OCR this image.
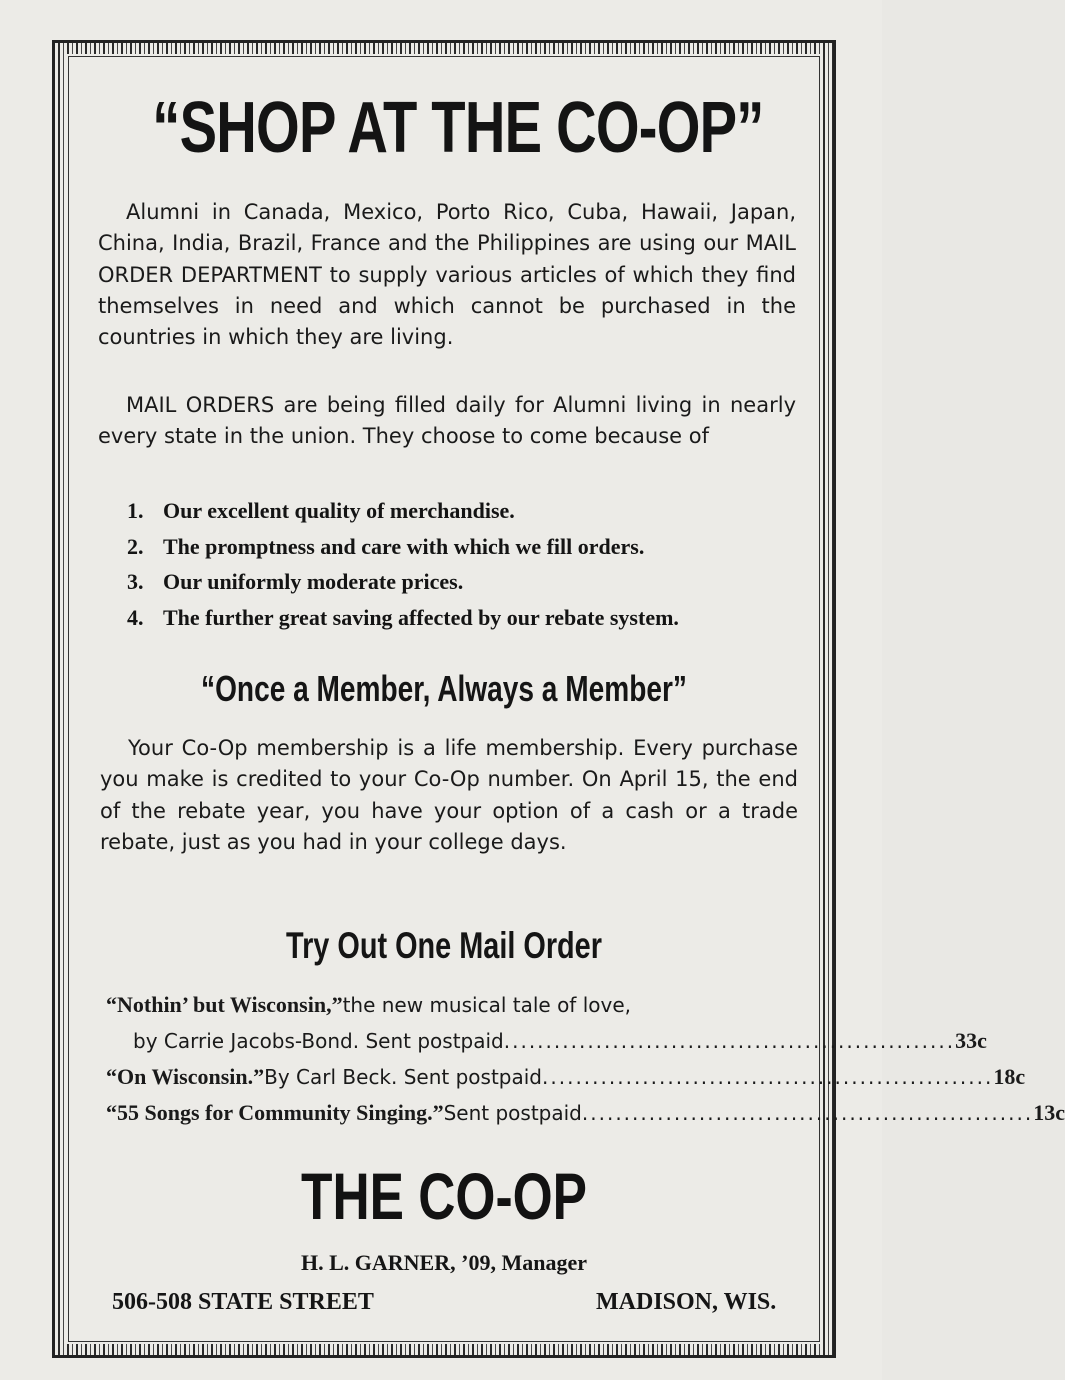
“SHOP AT THE CO-OP”
Alumni in Canada, Mexico, Porto Rico, Cuba, Hawaii, Japan, China, India, Brazil, France and the Philippines are using our MAIL ORDER DEPARTMENT to supply various articles of which they find themselves in need and which cannot be purchased in the countries in which they are living.
MAIL ORDERS are being filled daily for Alumni living in nearly every state in the union. They choose to come because of
1. Our excellent quality of merchandise.
2. The promptness and care with which we fill orders.
3. Our uniformly moderate prices.
4. The further great saving affected by our rebate system.
“Once a Member, Always a Member”
Your Co-Op membership is a life membership. Every purchase you make is credited to your Co-Op number. On April 15, the end of the rebate year, you have your option of a cash or a trade rebate, just as you had in your college days.
Try Out One Mail Order
“Nothin’ but Wisconsin,” the new musical tale of love,
by Carrie Jacobs-Bond. Sent postpaid ...................................................... 33c
“On Wisconsin.” By Carl Beck. Sent postpaid ...................................................... 18c
“55 Songs for Community Singing.” Sent postpaid ...................................................... 13c
THE CO-OP
H. L. GARNER, ’09, Manager
506-508 STATE STREET	MADISON, WIS.
